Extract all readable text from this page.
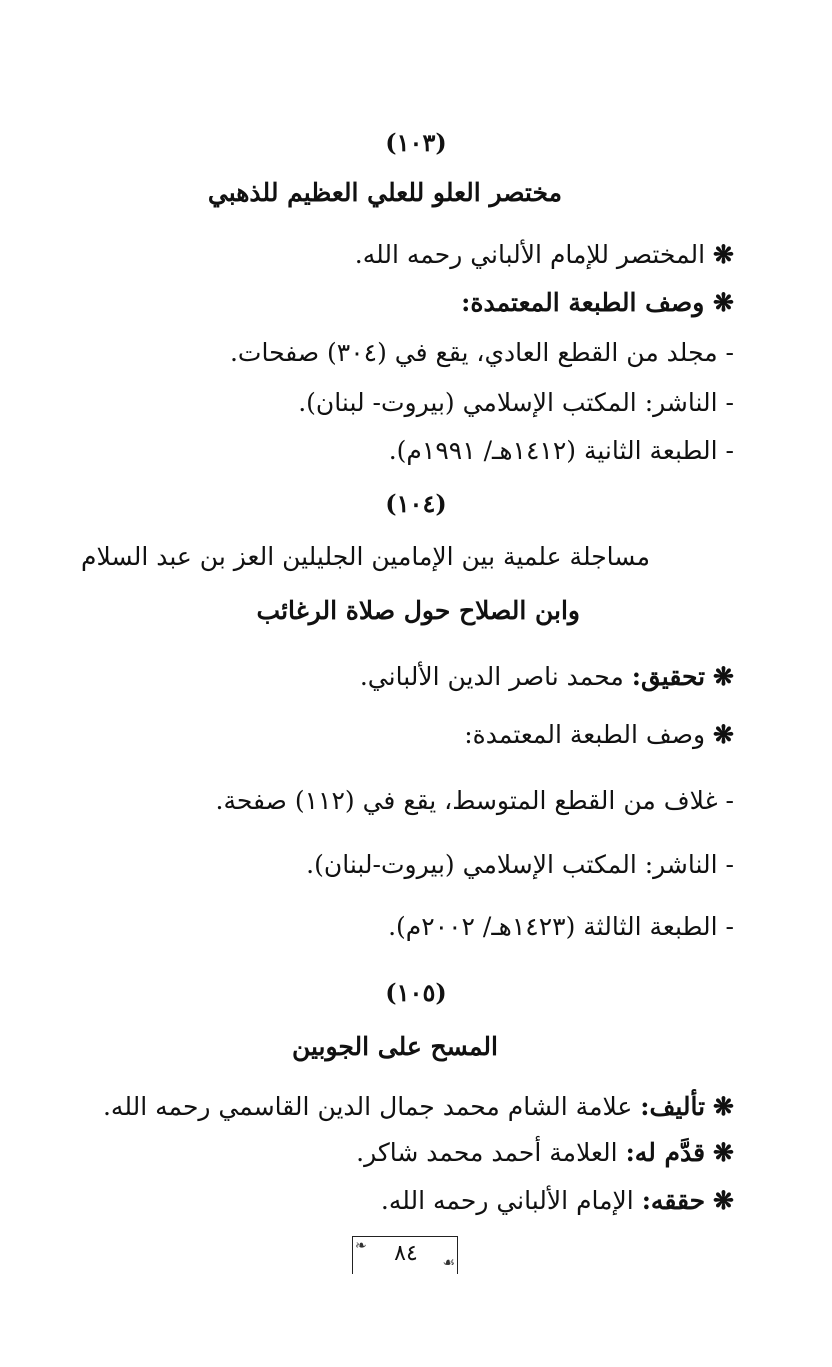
(١٠٣)
مختصر العلو للعلي العظيم للذهبي
❋ المختصر للإمام الألباني رحمه الله.
❋ وصف الطبعة المعتمدة:
- مجلد من القطع العادي، يقع في (٣٠٤) صفحات.
- الناشر: المكتب الإسلامي (بيروت- لبنان).
- الطبعة الثانية (١٤١٢هـ/ ١٩٩١م).
(١٠٤)
مساجلة علمية بين الإمامين الجليلين العز بن عبد السلام
وابن الصلاح حول صلاة الرغائب
❋ تحقيق: محمد ناصر الدين الألباني.
❋ وصف الطبعة المعتمدة:
- غلاف من القطع المتوسط، يقع في (١١٢) صفحة.
- الناشر: المكتب الإسلامي (بيروت-لبنان).
- الطبعة الثالثة (١٤٢٣هـ/ ٢٠٠٢م).
(١٠٥)
المسح على الجوبين
❋ تأليف: علامة الشام محمد جمال الدين القاسمي رحمه الله.
❋ قدَّم له: العلامة أحمد محمد شاكر.
❋ حققه: الإمام الألباني رحمه الله.
❧
☙
٨٤
